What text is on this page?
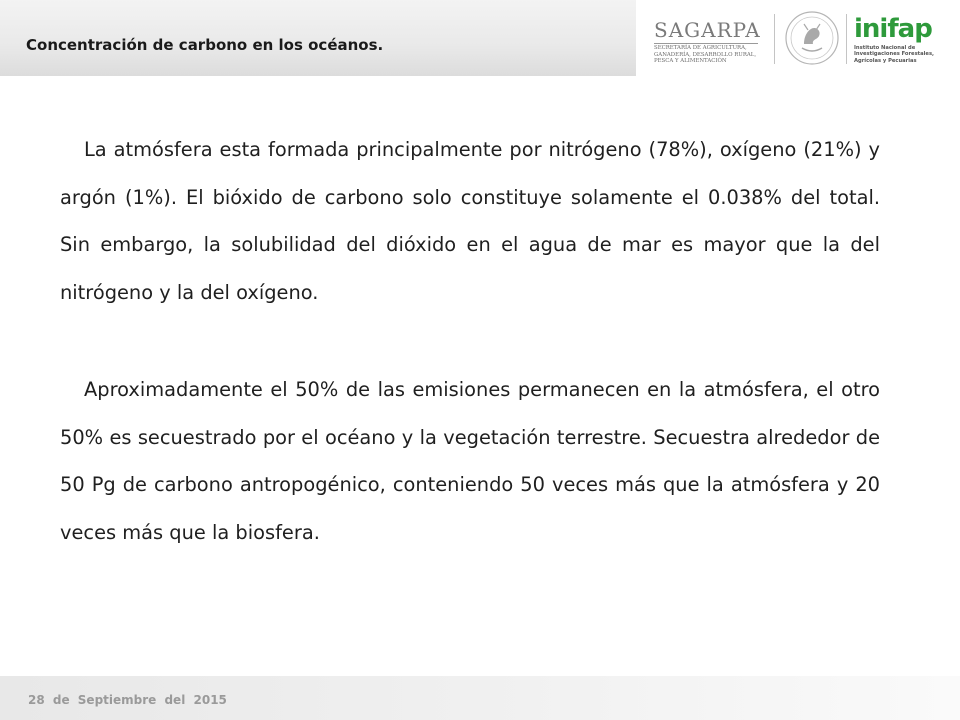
Concentración de carbono en los océanos.
SAGARPA
SECRETARÍA DE AGRICULTURA, GANADERÍA, DESARROLLO RURAL, PESCA Y ALIMENTACIÓN
inifap
Instituto Nacional de Investigaciones Forestales, Agrícolas y Pecuarias

La atmósfera esta formada principalmente por nitrógeno (78%), oxígeno (21%) y argón (1%). El bióxido de carbono solo constituye solamente el 0.038% del total. Sin embargo, la solubilidad del dióxido en el agua de mar es mayor que la del nitrógeno y la del oxígeno.

Aproximadamente el 50% de las emisiones permanecen en la atmósfera, el otro 50% es secuestrado por el océano y la vegetación terrestre. Secuestra alrededor de 50 Pg de carbono antropogénico, conteniendo 50 veces más que la atmósfera y 20 veces más que la biosfera.

28 de Septiembre del 2015
